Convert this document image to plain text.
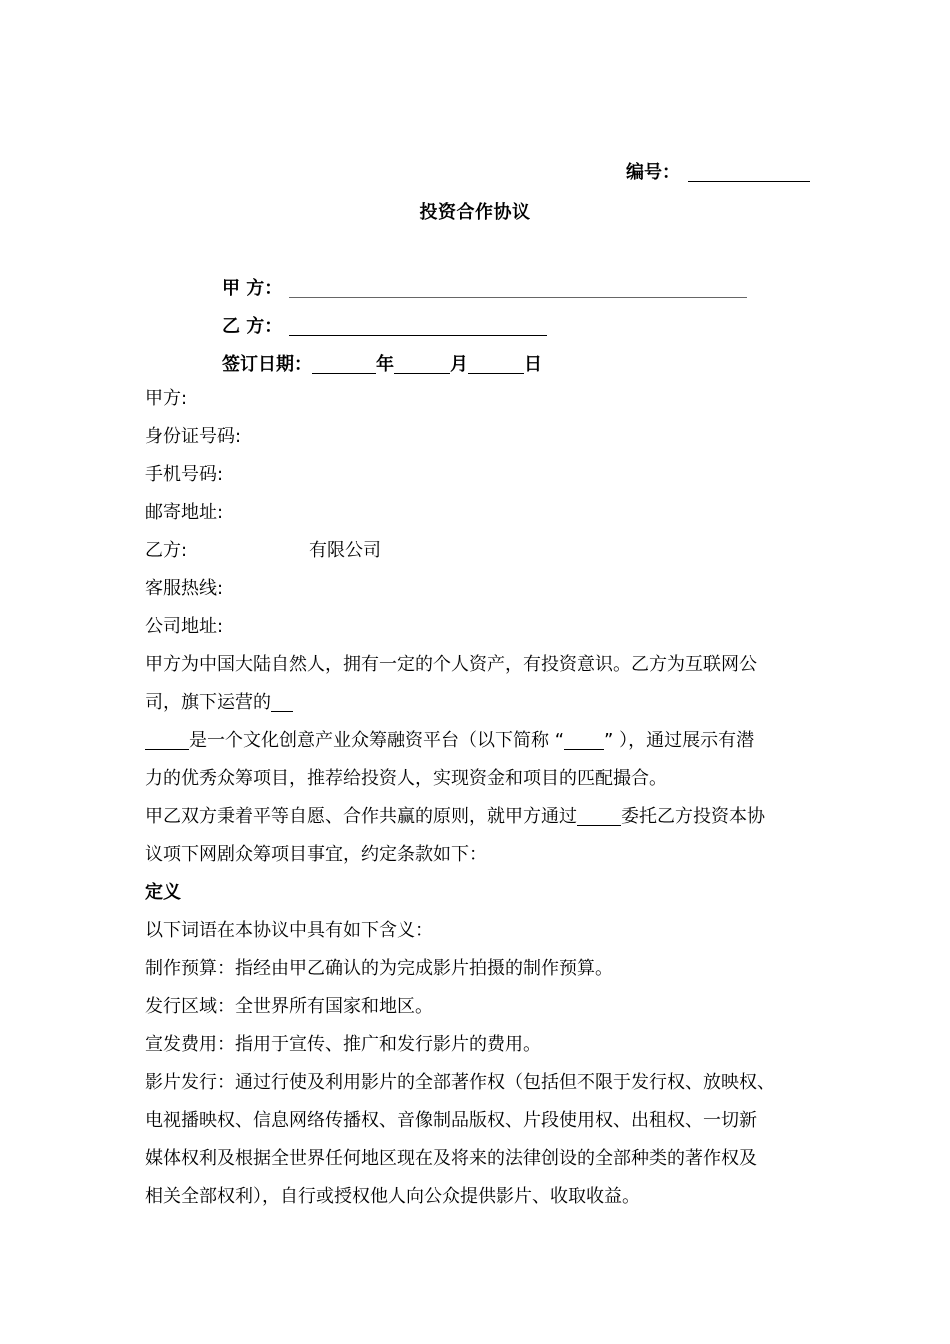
编号：
投资合作协议
甲 方：
乙 方：
签订日期：	年	月	日
甲方:
身份证号码:
手机号码:
邮寄地址:
乙方:	有限公司
客服热线:
公司地址:
甲方为中国大陆自然人，拥有一定的个人资产，有投资意识。乙方为互联网公
司，旗下运营的
是一个文化创意产业众筹融资平台（以下简称 “ ” ），通过展示有潜
力的优秀众筹项目，推荐给投资人，实现资金和项目的匹配撮合。
甲乙双方秉着平等自愿、合作共赢的原则，就甲方通过 委托乙方投资本协
议项下网剧众筹项目事宜，约定条款如下：
定义
以下词语在本协议中具有如下含义：
制作预算：指经由甲乙确认的为完成影片拍摄的制作预算。
发行区域：全世界所有国家和地区。
宣发费用：指用于宣传、推广和发行影片的费用。
影片发行：通过行使及利用影片的全部著作权（包括但不限于发行权、放映权、
电视播映权、信息网络传播权、音像制品版权、片段使用权、出租权、一切新
媒体权利及根据全世界任何地区现在及将来的法律创设的全部种类的著作权及
相关全部权利），自行或授权他人向公众提供影片、收取收益。
